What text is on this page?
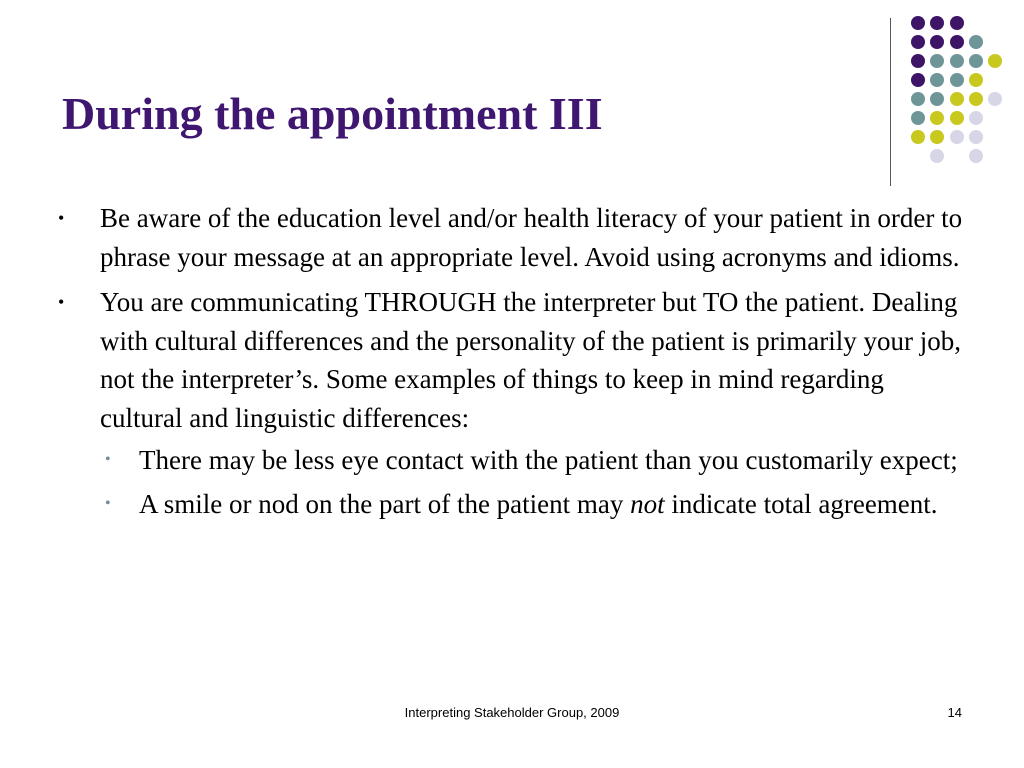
During the appointment III
• Be aware of the education level and/or health literacy of your patient in order to phrase your message at an appropriate level. Avoid using acronyms and idioms.
• You are communicating THROUGH the interpreter but TO the patient. Dealing with cultural differences and the personality of the patient is primarily your job, not the interpreter’s. Some examples of things to keep in mind regarding cultural and linguistic differences:
• There may be less eye contact with the patient than you customarily expect;
• A smile or nod on the part of the patient may not indicate total agreement.
Interpreting Stakeholder Group, 2009	14
